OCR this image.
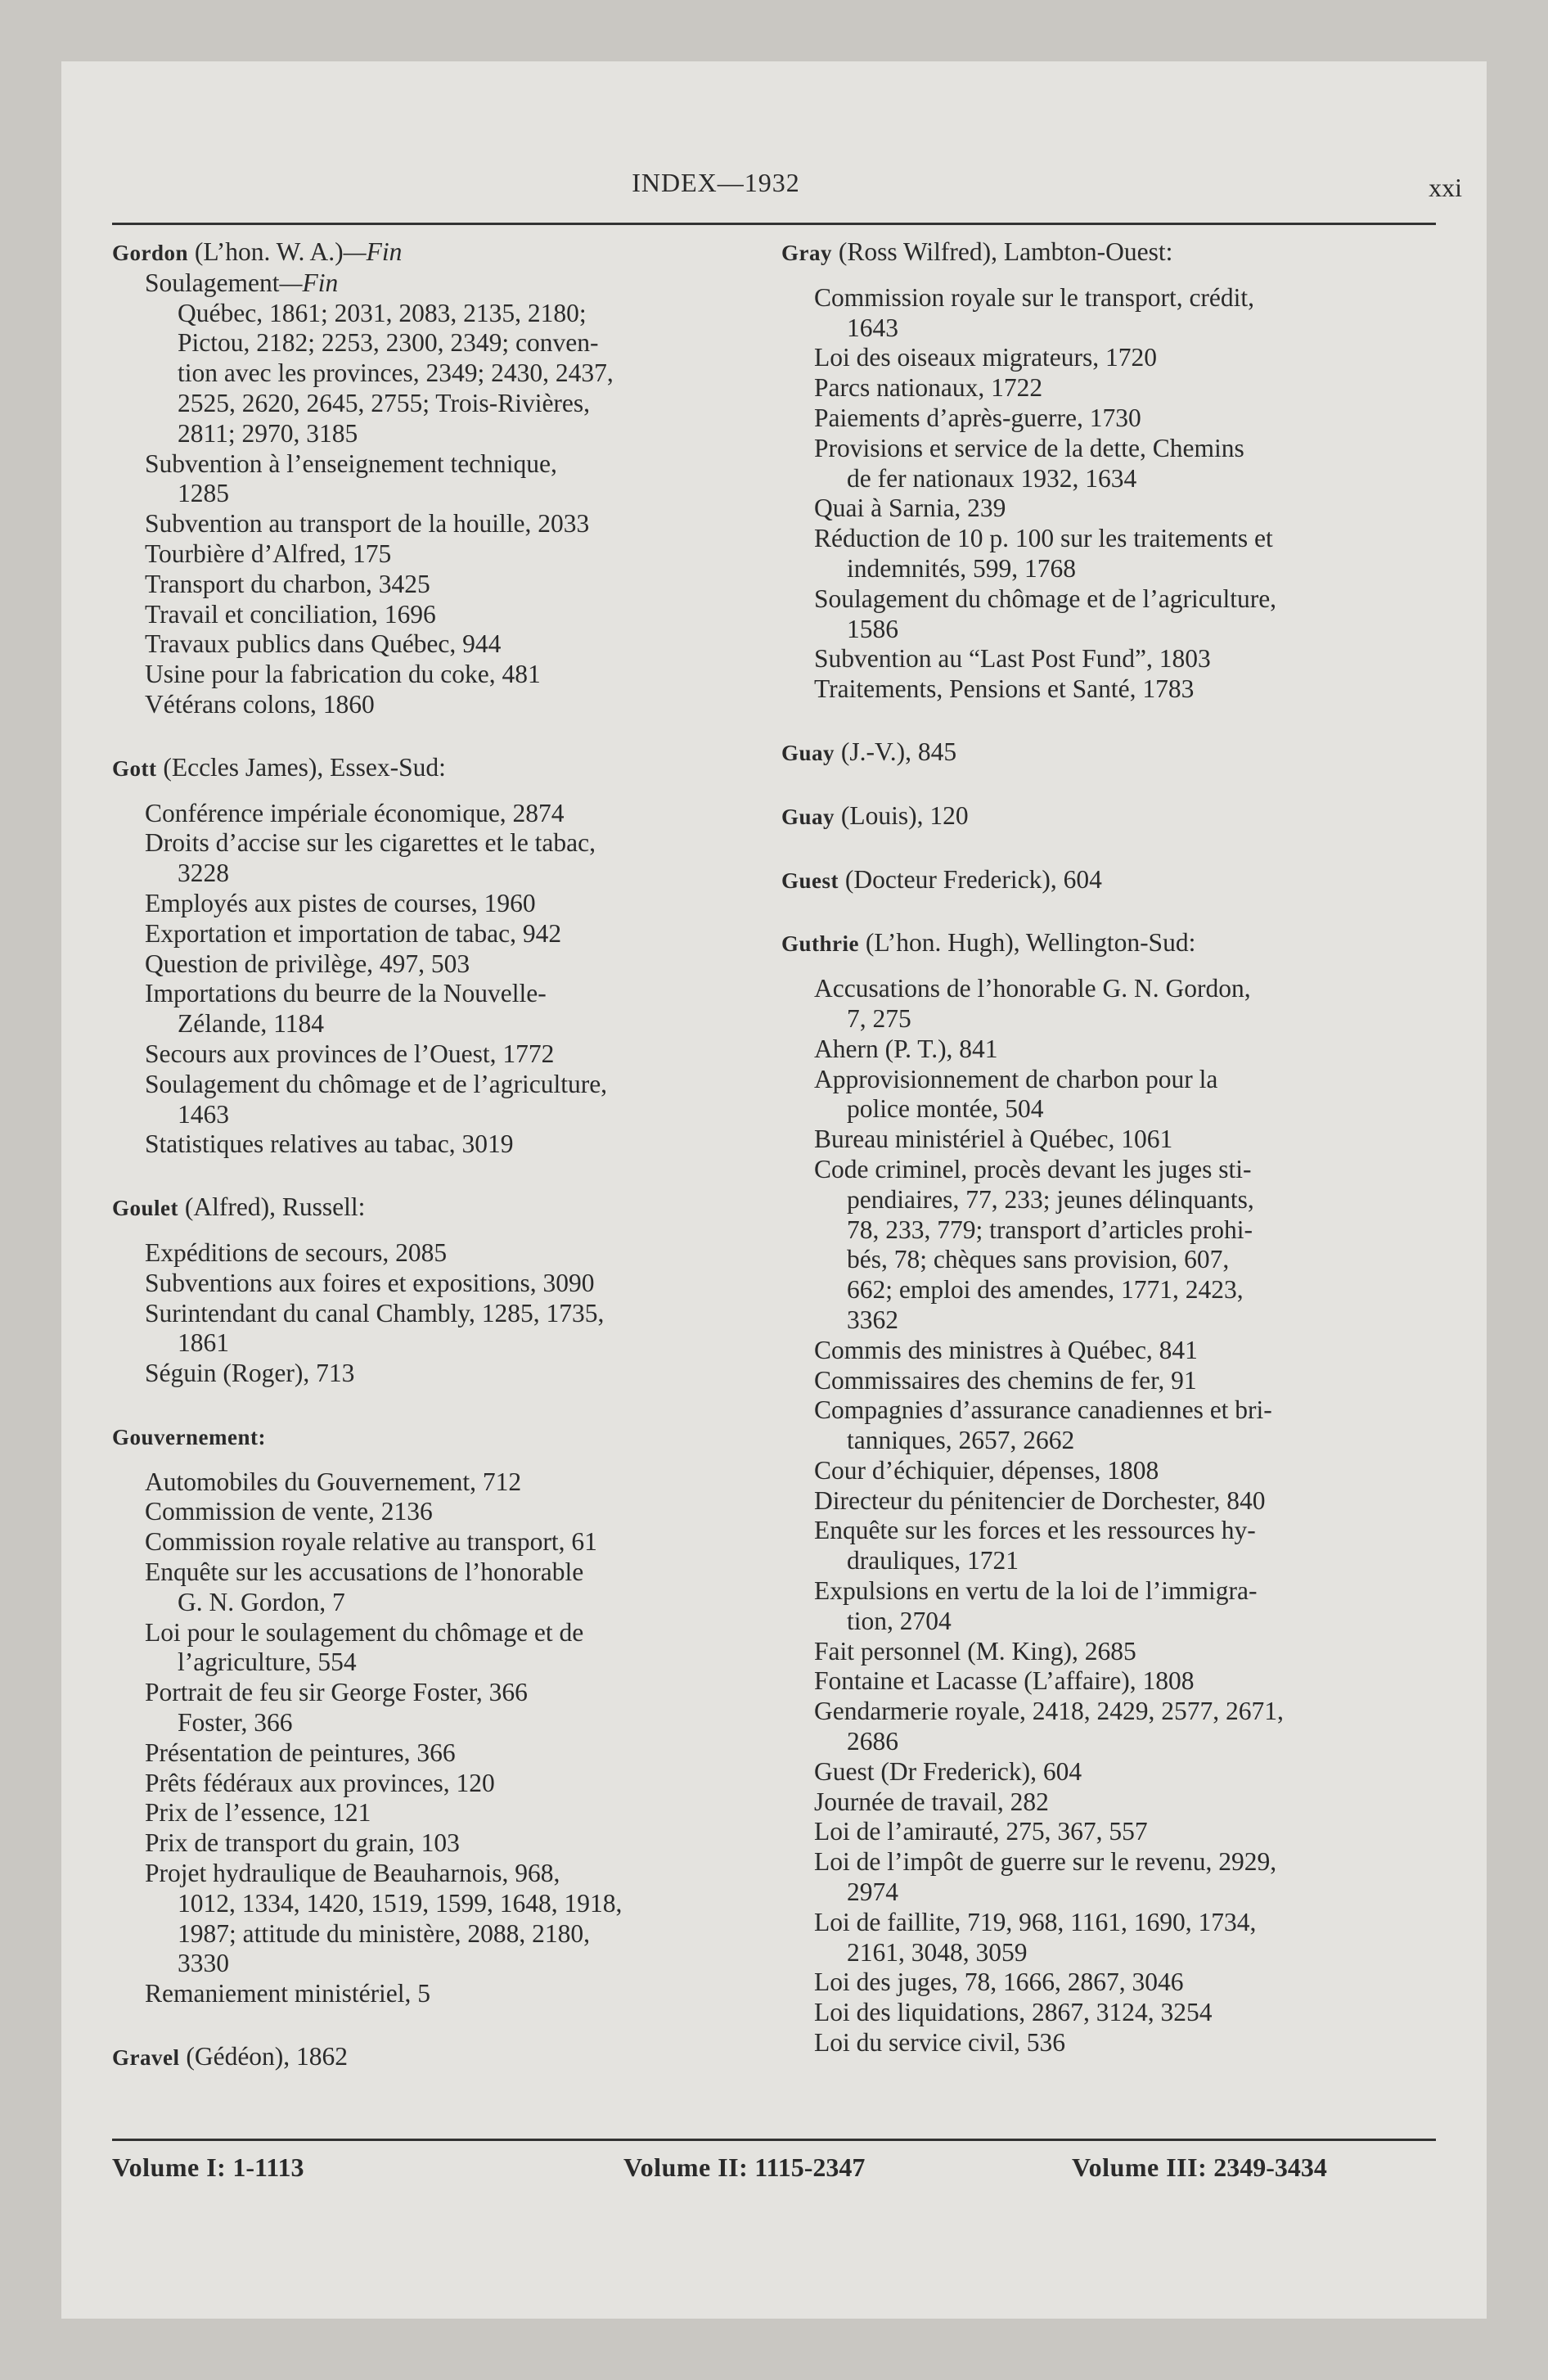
INDEX—1932	xxi
Gordon (L’hon. W. A.)—Fin
Soulagement—Fin
Québec, 1861; 2031, 2083, 2135, 2180;
Pictou, 2182; 2253, 2300, 2349; conven-
tion avec les provinces, 2349; 2430, 2437,
2525, 2620, 2645, 2755; Trois-Rivières,
2811; 2970, 3185
Subvention à l’enseignement technique,
1285
Subvention au transport de la houille, 2033
Tourbière d’Alfred, 175
Transport du charbon, 3425
Travail et conciliation, 1696
Travaux publics dans Québec, 944
Usine pour la fabrication du coke, 481
Vétérans colons, 1860
Gott (Eccles James), Essex-Sud:
Conférence impériale économique, 2874
Droits d’accise sur les cigarettes et le tabac,
3228
Employés aux pistes de courses, 1960
Exportation et importation de tabac, 942
Question de privilège, 497, 503
Importations du beurre de la Nouvelle-
Zélande, 1184
Secours aux provinces de l’Ouest, 1772
Soulagement du chômage et de l’agriculture,
1463
Statistiques relatives au tabac, 3019
Goulet (Alfred), Russell:
Expéditions de secours, 2085
Subventions aux foires et expositions, 3090
Surintendant du canal Chambly, 1285, 1735,
1861
Séguin (Roger), 713
Gouvernement:
Automobiles du Gouvernement, 712
Commission de vente, 2136
Commission royale relative au transport, 61
Enquête sur les accusations de l’honorable
G. N. Gordon, 7
Loi pour le soulagement du chômage et de
l’agriculture, 554
Portrait de feu sir George Foster, 366
Foster, 366
Présentation de peintures, 366
Prêts fédéraux aux provinces, 120
Prix de l’essence, 121
Prix de transport du grain, 103
Projet hydraulique de Beauharnois, 968,
1012, 1334, 1420, 1519, 1599, 1648, 1918,
1987; attitude du ministère, 2088, 2180,
3330
Remaniement ministériel, 5
Gravel (Gédéon), 1862
Gray (Ross Wilfred), Lambton-Ouest:
Commission royale sur le transport, crédit,
1643
Loi des oiseaux migrateurs, 1720
Parcs nationaux, 1722
Paiements d’après-guerre, 1730
Provisions et service de la dette, Chemins
de fer nationaux 1932, 1634
Quai à Sarnia, 239
Réduction de 10 p. 100 sur les traitements et
indemnités, 599, 1768
Soulagement du chômage et de l’agriculture,
1586
Subvention au “Last Post Fund”, 1803
Traitements, Pensions et Santé, 1783
Guay (J.-V.), 845
Guay (Louis), 120
Guest (Docteur Frederick), 604
Guthrie (L’hon. Hugh), Wellington-Sud:
Accusations de l’honorable G. N. Gordon,
7, 275
Ahern (P. T.), 841
Approvisionnement de charbon pour la
police montée, 504
Bureau ministériel à Québec, 1061
Code criminel, procès devant les juges sti-
pendiaires, 77, 233; jeunes délinquants,
78, 233, 779; transport d’articles prohi-
bés, 78; chèques sans provision, 607,
662; emploi des amendes, 1771, 2423,
3362
Commis des ministres à Québec, 841
Commissaires des chemins de fer, 91
Compagnies d’assurance canadiennes et bri-
tanniques, 2657, 2662
Cour d’échiquier, dépenses, 1808
Directeur du pénitencier de Dorchester, 840
Enquête sur les forces et les ressources hy-
drauliques, 1721
Expulsions en vertu de la loi de l’immigra-
tion, 2704
Fait personnel (M. King), 2685
Fontaine et Lacasse (L’affaire), 1808
Gendarmerie royale, 2418, 2429, 2577, 2671,
2686
Guest (Dr Frederick), 604
Journée de travail, 282
Loi de l’amirauté, 275, 367, 557
Loi de l’impôt de guerre sur le revenu, 2929,
2974
Loi de faillite, 719, 968, 1161, 1690, 1734,
2161, 3048, 3059
Loi des juges, 78, 1666, 2867, 3046
Loi des liquidations, 2867, 3124, 3254
Loi du service civil, 536
Volume I: 1-1113	Volume II: 1115-2347	Volume III: 2349-3434
